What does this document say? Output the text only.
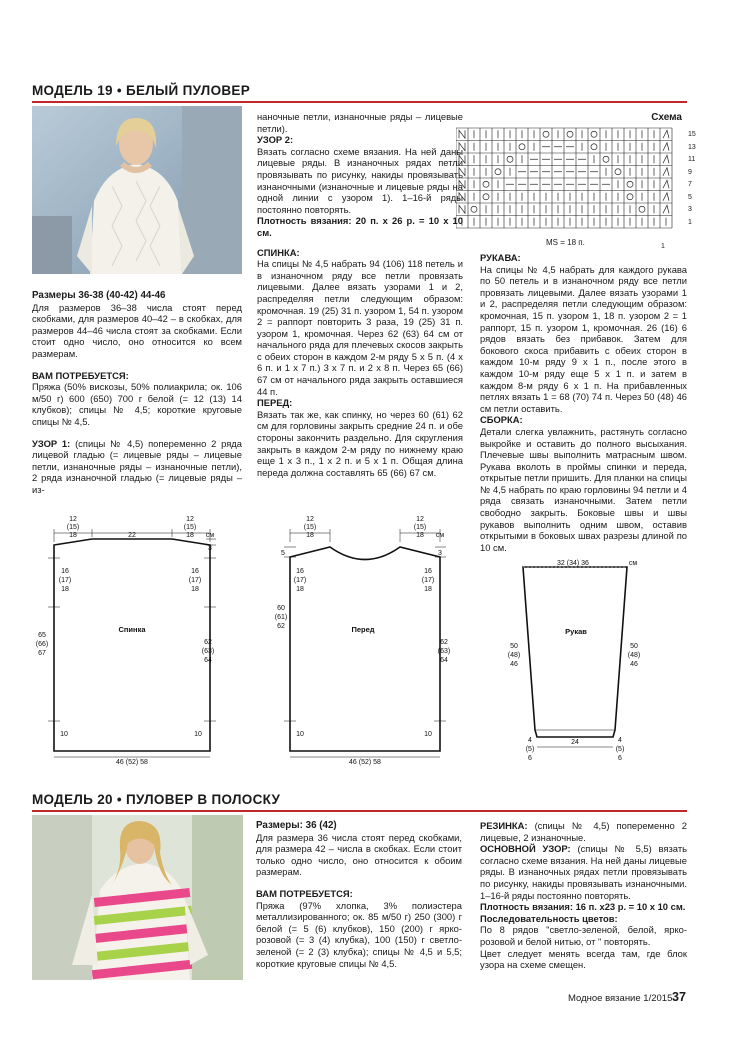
МОДЕЛЬ 19 • БЕЛЫЙ ПУЛОВЕР
Размеры 36-38 (40-42) 44-46
Для размеров 36–38 числа стоят перед скобками, для размеров 40–42 – в скобках, для размеров 44–46 числа стоят за скобками. Если стоит одно число, оно относится ко всем размерам.
ВАМ ПОТРЕБУЕТСЯ:
Пряжа (50% вискозы, 50% полиакрила; ок. 106 м/50 г) 600 (650) 700 г белой (= 12 (13) 14 клубков); спицы № 4,5; короткие круговые спицы № 4,5.
УЗОР 1: (спицы № 4,5) попеременно 2 ряда лицевой гладью (= лицевые ряды – лицевые петли, изнаночные ряды – изнаночные петли), 2 ряда изнаночной гладью (= лицевые ряды – из-
наночные петли, изнаночные ряды – лицевые петли).
УЗОР 2:
Вязать согласно схеме вязания. На ней даны лицевые ряды. В изнаночных рядах петли провязывать по рисунку, накиды провязывать изнаночными (изнаночные и лицевые ряды на одной линии с узором 1). 1–16-й ряды постоянно повторять.
Плотность вязания: 20 п. x 26 р. = 10 x 10 см.
СПИНКА:
На спицы № 4,5 набрать 94 (106) 118 петель и в изнаночном ряду все петли провязать лицевыми. Далее вязать узорами 1 и 2, распределяя петли следующим образом: кромочная. 19 (25) 31 п. узором 1, 54 п. узором 2 = раппорт повторить 3 раза, 19 (25) 31 п. узором 1, кромочная. Через 62 (63) 64 см от начального ряда для плечевых скосов закрыть с обеих сторон в каждом 2-м ряду 5 x 5 п. (4 x 6 п. и 1 x 7 п.) 3 x 7 п. и 2 x 8 п. Через 65 (66) 67 см от начального ряда закрыть оставшиеся 44 п.
ПЕРЕД:
Вязать так же, как спинку, но через 60 (61) 62 см для горловины закрыть средние 24 п. и обе стороны закончить раздельно. Для скругления закрыть в каждом 2-м ряду по нижнему краю еще 1 x 3 п., 1 x 2 п. и 5 x 1 п. Общая длина переда должна составлять 65 (66) 67 см.
Схема
1
15
13
11
9
7
5
3
1
MS = 18 п.
РУКАВА:
На спицы № 4,5 набрать для каждого рукава по 50 петель и в изнаночном ряду все петли провязать лицевыми. Далее вязать узорами 1 и 2, распределяя петли следующим образом: кромочная, 15 п. узором 1, 18 п. узором 2 = 1 раппорт, 15 п. узором 1, кромочная. 26 (16) 6 рядов вязать без прибавок. Затем для бокового скоса прибавить с обеих сторон в каждом 10-м ряду 9 x 1 п., после этого в каждом 10-м ряду еще 5 x 1 п. и затем в каждом 8-м ряду 6 x 1 п. На прибавленных петлях вязать 1 = 68 (70) 74 п. Через 50 (48) 46 см петли оставить.
СБОРКА:
Детали слегка увлажнить, растянуть согласно выкройке и оставить до полного высыхания. Плечевые швы выполнить матрасным швом. Рукава вколоть в проймы спинки и переда, открытые петли пришить. Для планки на спицы № 4,5 набрать по краю горловины 94 петли и 4 ряда связать изнаночными. Затем петли свободно закрыть. Боковые швы и швы рукавов выполнить одним швом, оставив открытыми в боковых швах разрезы длиной по 10 см.
12
(15)
18	22
12
(15)
18 см
3
16
(17)
18
16
(17)
18
65
(66)
67
62
(63)
64
Спинка
10	10
46 (52) 58
12
(15)
18
12
(15)
18 см
5	3
16
(17)
18
16
(17)
18
60
(61)
62
62
(63)
64
Перед
10	10
46 (52) 58
32 (34) 36	см
50
(48)
46
50
(48)
46
Рукав
4
(5)
6
4
(5)
6
24
МОДЕЛЬ 20 • ПУЛОВЕР В ПОЛОСКУ
Размеры: 36 (42)
Для размера 36 числа стоят перед скобками, для размера 42 – числа в скобках. Если стоит только одно число, оно относится к обоим размерам.
ВАМ ПОТРЕБУЕТСЯ:
Пряжа (97% хлопка, 3% полиэстера металлизированного; ок. 85 м/50 г) 250 (300) г белой (= 5 (6) клубков), 150 (200) г ярко-розовой (= 3 (4) клубка), 100 (150) г светло-зеленой (= 2 (3) клубка); спицы № 4,5 и 5,5; короткие круговые спицы № 4,5.
РЕЗИНКА: (спицы № 4,5) попеременно 2 лицевые, 2 изнаночные.
ОСНОВНОЙ УЗОР: (спицы № 5,5) вязать согласно схеме вязания. На ней даны лицевые ряды. В изнаночных рядах петли провязывать по рисунку, накиды провязывать изнаночными. 1–16-й ряды постоянно повторять.
Плотность вязания: 16 п. x23 р. = 10 x 10 см.
Последовательность цветов:
По 8 рядов "светло-зеленой, белой, ярко-розовой и белой нитью, от " повторять.
Цвет следует менять всегда там, где блок узора на схеме смещен.
Модное вязание 1/2015 37
